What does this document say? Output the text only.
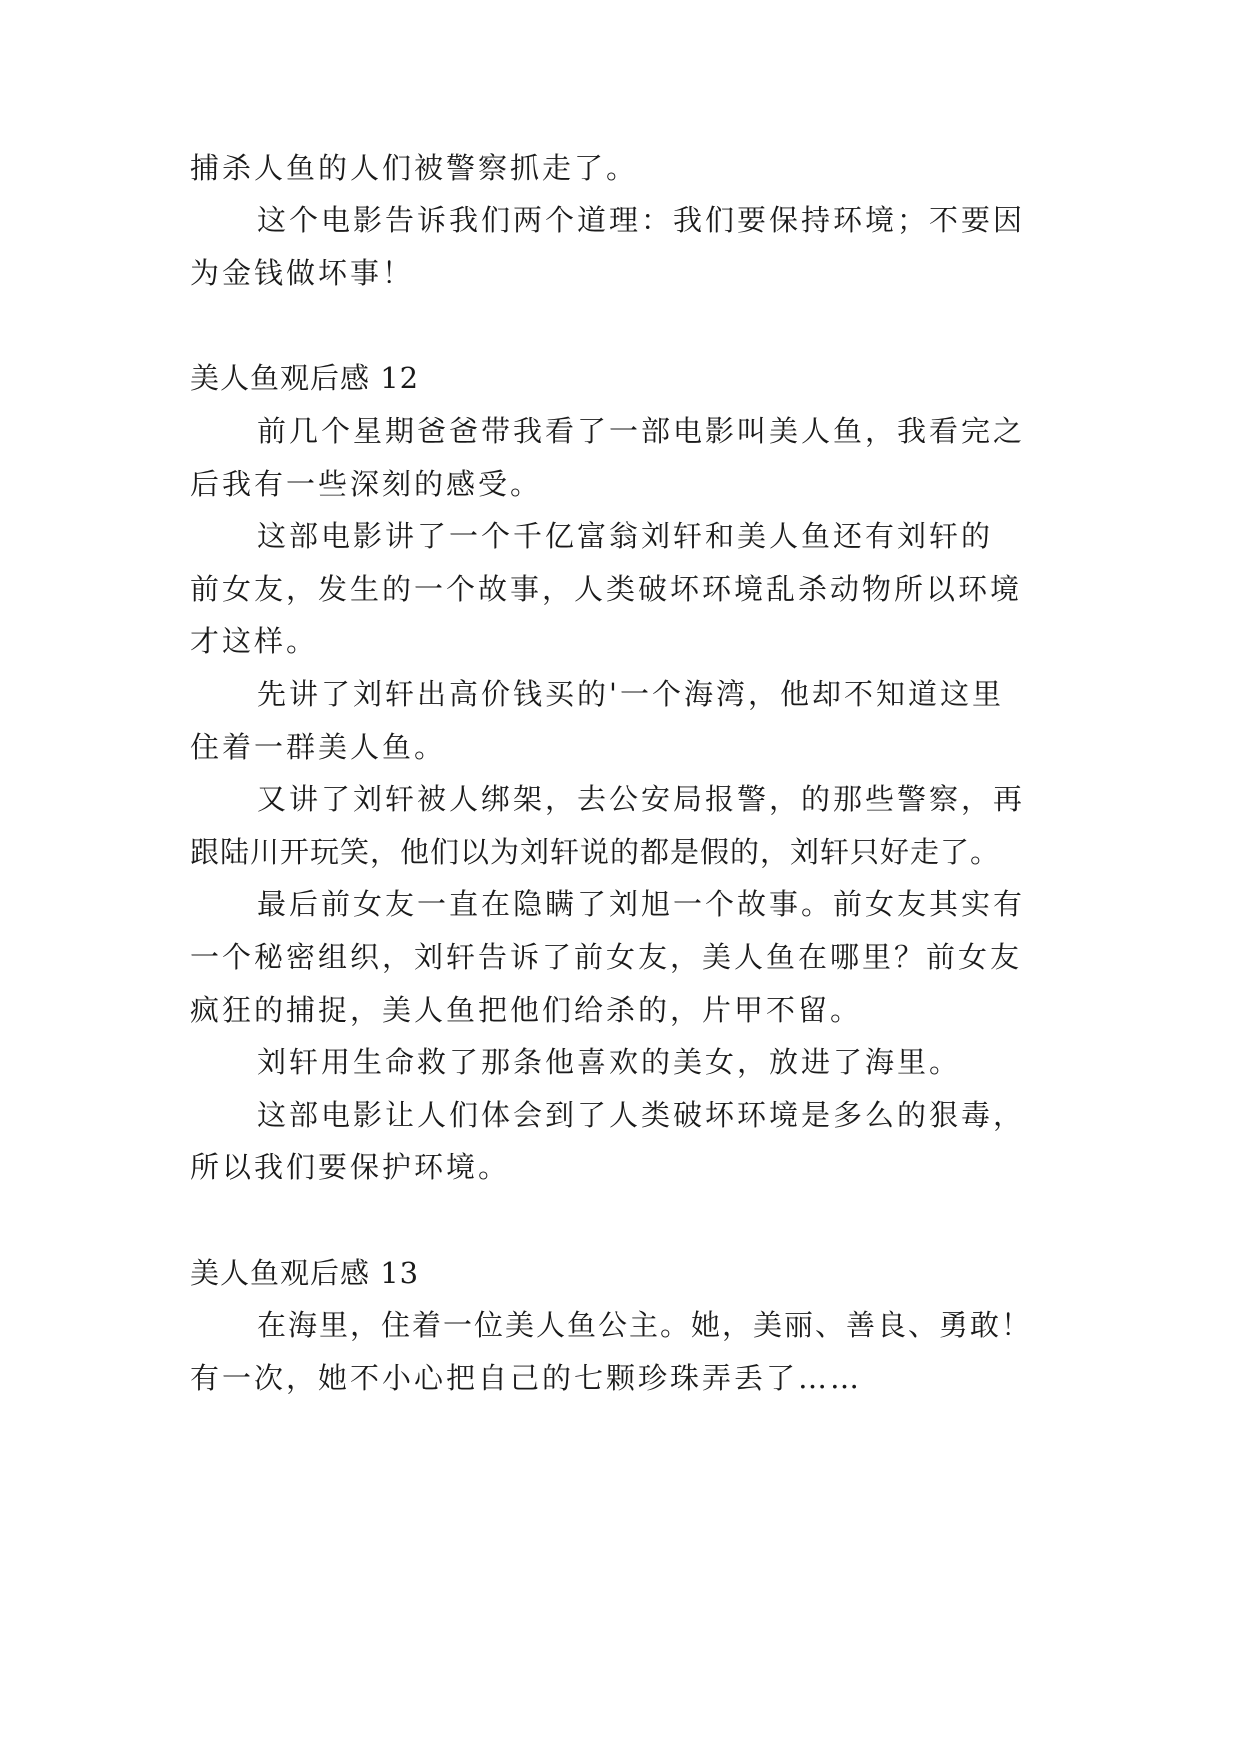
捕杀人鱼的人们被警察抓走了。
这个电影告诉我们两个道理：我们要保持环境；不要因
为金钱做坏事！
美人鱼观后感 12
前几个星期爸爸带我看了一部电影叫美人鱼，我看完之
后我有一些深刻的感受。
这部电影讲了一个千亿富翁刘轩和美人鱼还有刘轩的
前女友，发生的一个故事，人类破坏环境乱杀动物所以环境
才这样。
先讲了刘轩出高价钱买的'一个海湾，他却不知道这里
住着一群美人鱼。
又讲了刘轩被人绑架，去公安局报警，的那些警察，再
跟陆川开玩笑，他们以为刘轩说的都是假的，刘轩只好走了。
最后前女友一直在隐瞒了刘旭一个故事。前女友其实有
一个秘密组织，刘轩告诉了前女友，美人鱼在哪里？前女友
疯狂的捕捉，美人鱼把他们给杀的，片甲不留。
刘轩用生命救了那条他喜欢的美女，放进了海里。
这部电影让人们体会到了人类破坏环境是多么的狠毒，
所以我们要保护环境。
美人鱼观后感 13
在海里，住着一位美人鱼公主。她，美丽、善良、勇敢！
有一次，她不小心把自己的七颗珍珠弄丢了……
